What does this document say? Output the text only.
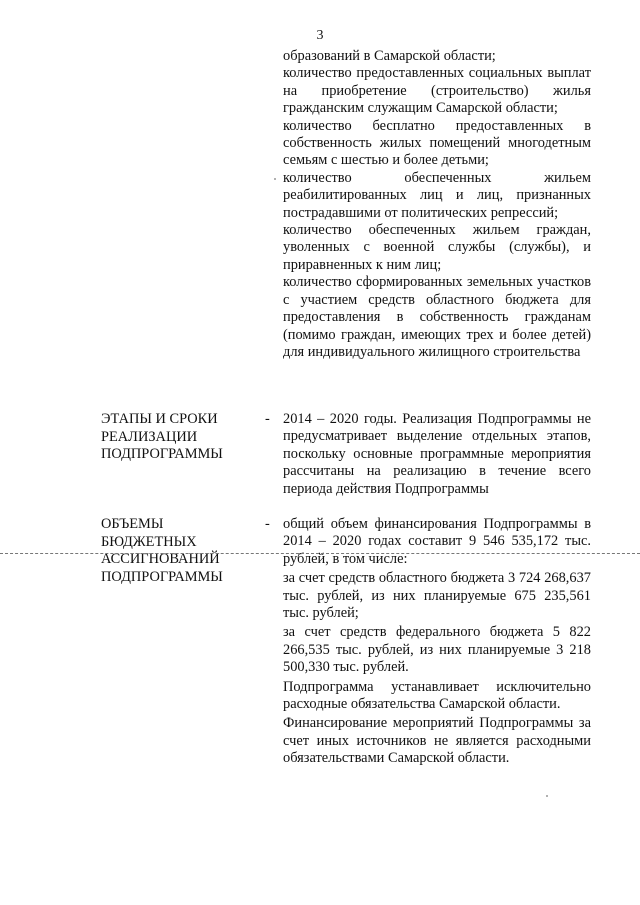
3

образований в Самарской области;

количество предоставленных социальных выплат на приобретение (строительство) жилья гражданским служащим Самарской области;

количество бесплатно предоставленных в собственность жилых помещений многодетным семьям с шестью и более детьми;

количество обеспеченных жильем реабилитированных лиц и лиц, признанных пострадавшими от политических репрессий;

количество обеспеченных жильем граждан, уволенных с военной службы (службы), и приравненных к ним лиц;

количество сформированных земельных участков с участием средств областного бюджета для предоставления в собственность гражданам (помимо граждан, имеющих трех и более детей) для индивидуального жилищного строительства

ЭТАПЫ И СРОКИ

РЕАЛИЗАЦИИ

ПОДПРОГРАММЫ

- 2014 – 2020 годы. Реализация Подпрограммы не предусматривает выделение отдельных этапов, поскольку основные программные мероприятия рассчитаны на реализацию в течение всего периода действия Подпрограммы

ОБЪЕМЫ

БЮДЖЕТНЫХ

АССИГНОВАНИЙ

ПОДПРОГРАММЫ

- общий объем финансирования Подпрограммы в 2014 – 2020 годах составит 9 546 535,172 тыс. рублей, в том числе:

за счет средств областного бюджета 3 724 268,637 тыс. рублей, из них планируемые 675 235,561 тыс. рублей;

за счет средств федерального бюджета 5 822 266,535 тыс. рублей, из них планируемые 3 218 500,330 тыс. рублей.

Подпрограмма устанавливает исключительно расходные обязательства Самарской области.

Финансирование мероприятий Подпрограммы за счет иных источников не является расходными обязательствами Самарской области.
